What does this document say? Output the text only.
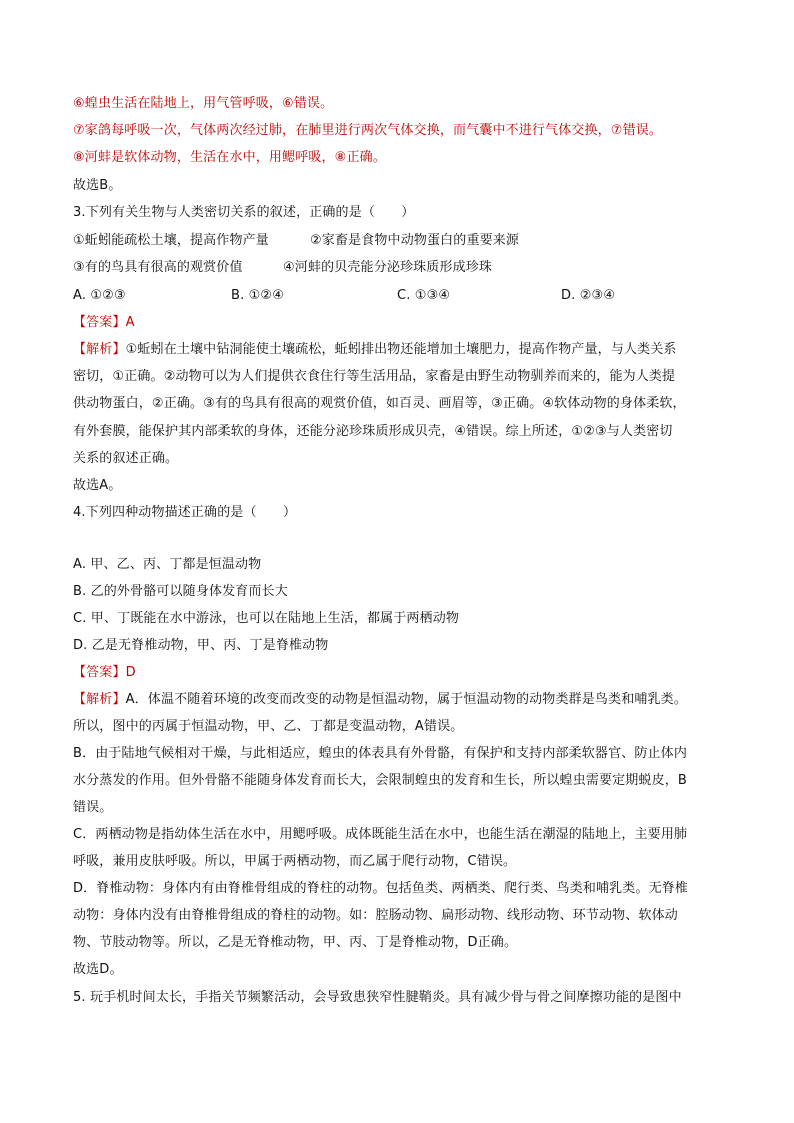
⑥蝗虫生活在陆地上，用气管呼吸，⑥错误。
⑦家鸽每呼吸一次，气体两次经过肺，在肺里进行两次气体交换，而气囊中不进行气体交换，⑦错误。
⑧河蚌是软体动物，生活在水中，用鳃呼吸，⑧正确。
故选B。
3.下列有关生物与人类密切关系的叙述，正确的是（　　）
①蚯蚓能疏松土壤，提高作物产量	②家畜是食物中动物蛋白的重要来源
③有的鸟具有很高的观赏价值	④河蚌的贝壳能分泌珍珠质形成珍珠
A. ①②③	B. ①②④	C. ①③④	D. ②③④
【答案】A
【解析】①蚯蚓在土壤中钻洞能使土壤疏松，蚯蚓排出物还能增加土壤肥力，提高作物产量，与人类关系
密切，①正确。②动物可以为人们提供衣食住行等生活用品，家畜是由野生动物驯养而来的，能为人类提
供动物蛋白，②正确。③有的鸟具有很高的观赏价值，如百灵、画眉等，③正确。④软体动物的身体柔软，
有外套膜，能保护其内部柔软的身体，还能分泌珍珠质形成贝壳，④错误。综上所述，①②③与人类密切
关系的叙述正确。
故选A。
4.下列四种动物描述正确的是（　　）
A. 甲、乙、丙、丁都是恒温动物
B. 乙的外骨骼可以随身体发育而长大
C. 甲、丁既能在水中游泳，也可以在陆地上生活，都属于两栖动物
D. 乙是无脊椎动物，甲、丙、丁是脊椎动物
【答案】D
【解析】A．体温不随着环境的改变而改变的动物是恒温动物，属于恒温动物的动物类群是鸟类和哺乳类。
所以，图中的丙属于恒温动物，甲、乙、丁都是变温动物，A错误。
B．由于陆地气候相对干燥，与此相适应，蝗虫的体表具有外骨骼，有保护和支持内部柔软器官、防止体内
水分蒸发的作用。但外骨骼不能随身体发育而长大，会限制蝗虫的发育和生长，所以蝗虫需要定期蜕皮，B
错误。
C．两栖动物是指幼体生活在水中，用鳃呼吸。成体既能生活在水中，也能生活在潮湿的陆地上，主要用肺
呼吸，兼用皮肤呼吸。所以，甲属于两栖动物，而乙属于爬行动物，C错误。
D．脊椎动物：身体内有由脊椎骨组成的脊柱的动物。包括鱼类、两栖类、爬行类、鸟类和哺乳类。无脊椎
动物：身体内没有由脊椎骨组成的脊柱的动物。如：腔肠动物、扁形动物、线形动物、环节动物、软体动
物、节肢动物等。所以，乙是无脊椎动物，甲、丙、丁是脊椎动物，D正确。
故选D。
5. 玩手机时间太长，手指关节频繁活动，会导致患狭窄性腱鞘炎。具有减少骨与骨之间摩擦功能的是图中
